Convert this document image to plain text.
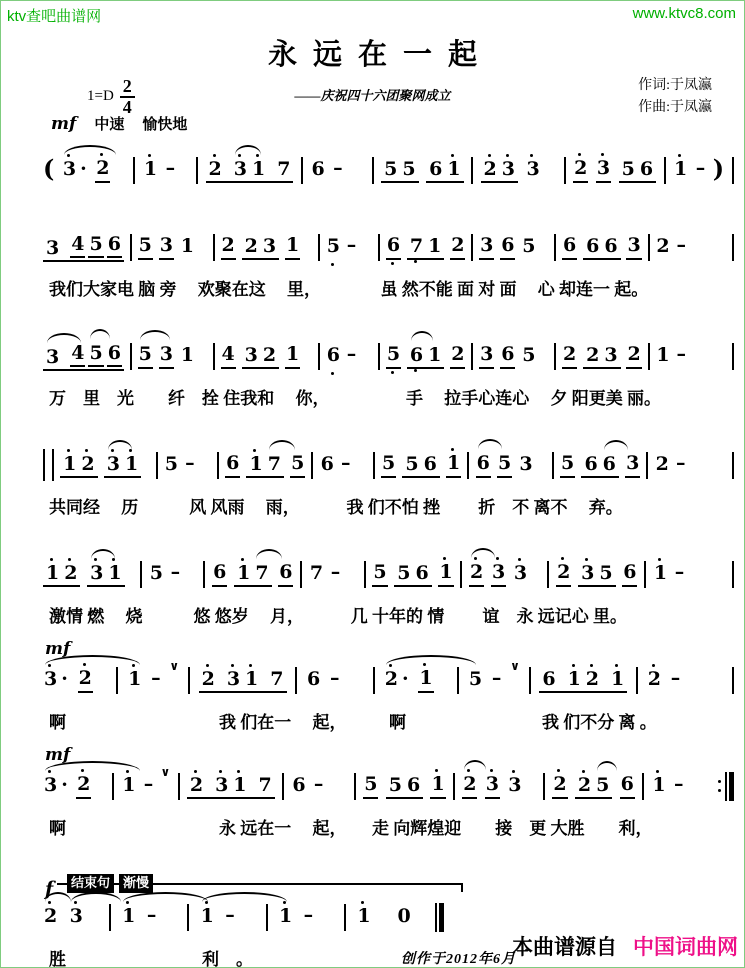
ktv查吧曲谱网	www.ktvc8.com
永远在一起
1=D
2
4
——庆祝四十六团聚网成立
作词:于凤瀛
作曲:于凤瀛
mf 中速 愉快地
( 3 · 2 1 – 2 3 1 7 6 – 5 5 6 1 2 3 3 2 3 5 6 1 – )
3 4 5 6 5 3 1 2 2 3 1 5 – 6 7 1 2 3 6 5 6 6 6 3 2 –
我们大家电 脑 旁　 欢聚在这　 里，　　　　虽 然不能 面 对 面　 心 却连一 起。
3 4 5 6 5 3 1 4 3 2 1 6 – 5 6 1 2 3 6 5 2 2 3 2 1 –
万　里　光　　纤　拴 住我和　 你，　　　　　手　 拉手心连心　 夕 阳更美 丽。
1 2 3 1 5 – 6 1 7 5 6 – 5 5 6 1 6 5 3 5 6 6 3 2 –
共同经　 历　　　风 风雨　 雨，　　　 我 们不怕 挫　　 折　不 离不　 弃。
1 2 3 1 5 – 6 1 7 6 7 – 5 5 6 1 2 3 3 2 3 5 6 1 –
激情 燃　 烧　　　悠 悠岁　 月，　　　 几 十年的 情　　 谊　永 远记心 里。
mf
3 · 2 1 –
∨
2 3 1 7 6 – 2 · 1 5 –
∨
6 1 2 1 2 –
啊　　　　　　　　　我 们在一　 起，　　　啊　　　　　　　　我 们不分 离 。
mf
3 · 2 1 –
∨
2 3 1 7 6 – 5 5 6 1 2 3 3 2 2 5 6 1 –
啊　　　　　　　　　永 远在一　 起，　　走 向辉煌迎　　接　更 大胜　　利，
f	结束句	渐慢
2 3 1 – 1 – 1 – 1 0
胜　　　　　　　　利　。	创作于2012年6月
本曲谱源自 中国词曲网
